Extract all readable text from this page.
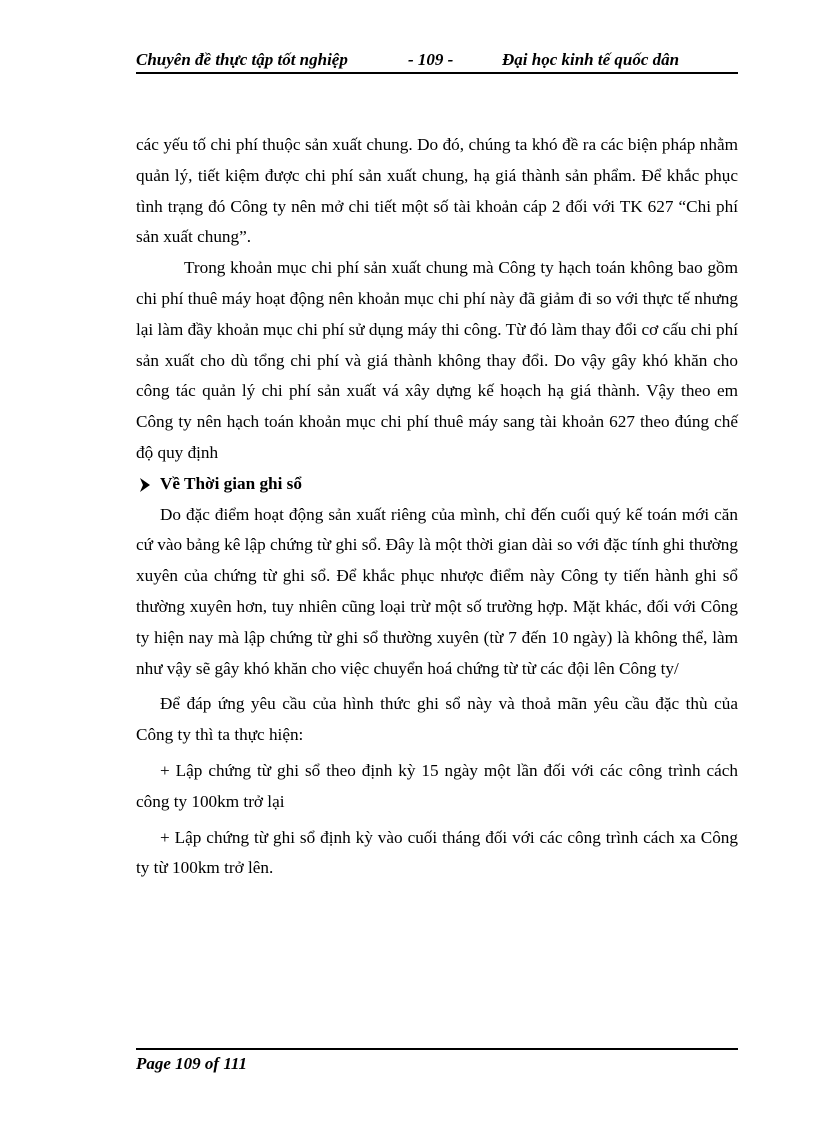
Chuyên đề thực tập tốt nghiệp	- 109 -	Đại học kinh tế quốc dân

các yếu tố chi phí thuộc sản xuất chung. Do đó, chúng ta khó đề ra các biện pháp nhằm quản lý, tiết kiệm được chi phí sản xuất chung, hạ giá thành sản phẩm. Để khắc phục tình trạng đó Công ty nên mở chi tiết một số tài khoản cáp 2 đối với TK 627 “Chi phí sản xuất chung”.

Trong khoản mục chi phí sản xuất chung mà Công ty hạch toán không bao gồm chi phí thuê máy hoạt động nên khoản mục chi phí này đã giảm đi so với thực tế nhưng lại làm đầy khoản mục chi phí sử dụng máy thi công. Từ đó làm thay đổi cơ cấu chi phí sản xuất cho dù tổng chi phí và giá thành không thay đổi. Do vậy gây khó khăn cho công tác quản lý chi phí sản xuất vá xây dựng kế hoạch hạ giá thành. Vậy theo em Công ty nên hạch toán khoản mục chi phí thuê máy sang tài khoản 627 theo đúng chế độ quy định

Về Thời gian ghi sổ

Do đặc điểm hoạt động sản xuất riêng của mình, chỉ đến cuối quý kế toán mới căn cứ vào bảng kê lập chứng từ ghi sổ. Đây là một thời gian dài so với đặc tính ghi thường xuyên của chứng từ ghi sổ. Để khắc phục nhược điểm này Công ty tiến hành ghi sổ thường xuyên hơn, tuy nhiên cũng loại trừ một số trường hợp. Mặt khác, đối với Công ty hiện nay mà lập chứng từ ghi sổ thường xuyên (từ 7 đến 10 ngày) là không thể, làm như vậy sẽ gây khó khăn cho việc chuyển hoá chứng từ từ các đội lên Công ty/

Để đáp ứng yêu cầu của hình thức ghi sổ này và thoả mãn yêu cầu đặc thù của Công ty thì ta thực hiện:

+ Lập chứng từ ghi sổ theo định kỳ 15 ngày một lần đối với các công trình cách công ty 100km trở lại

+ Lập chứng từ ghi sổ định kỳ vào cuối tháng đối với các công trình cách xa Công ty từ 100km trở lên.

Page 109 of 111
